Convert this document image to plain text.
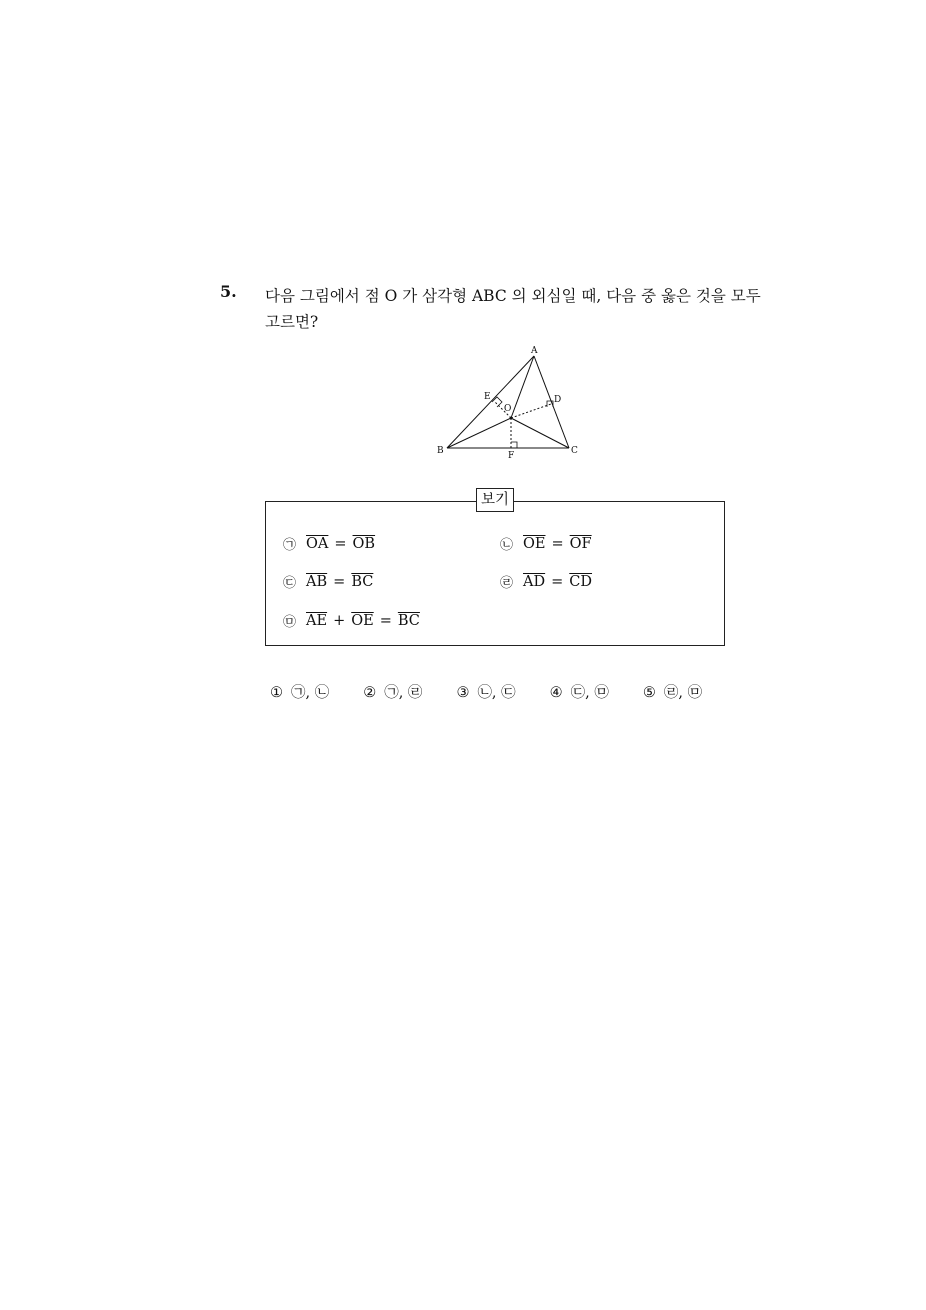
5. 다음 그림에서 점 O 가 삼각형 ABC 의 외심일 때, 다음 중 옳은 것을 모두
고르면?
A
B	C
D
E
F
O
보기
㉠ $\overline{OA} = \overline{OB}$	㉡ $\overline{OE} = \overline{OF}$
㉢ $\overline{AB} = \overline{BC}$	㉣ $\overline{AD} = \overline{CD}$
㉤ $\overline{AE} + \overline{OE} = \overline{BC}$
① ㉠, ㉡ ② ㉠, ㉣ ③ ㉡, ㉢ ④ ㉢, ㉤ ⑤ ㉣, ㉤
